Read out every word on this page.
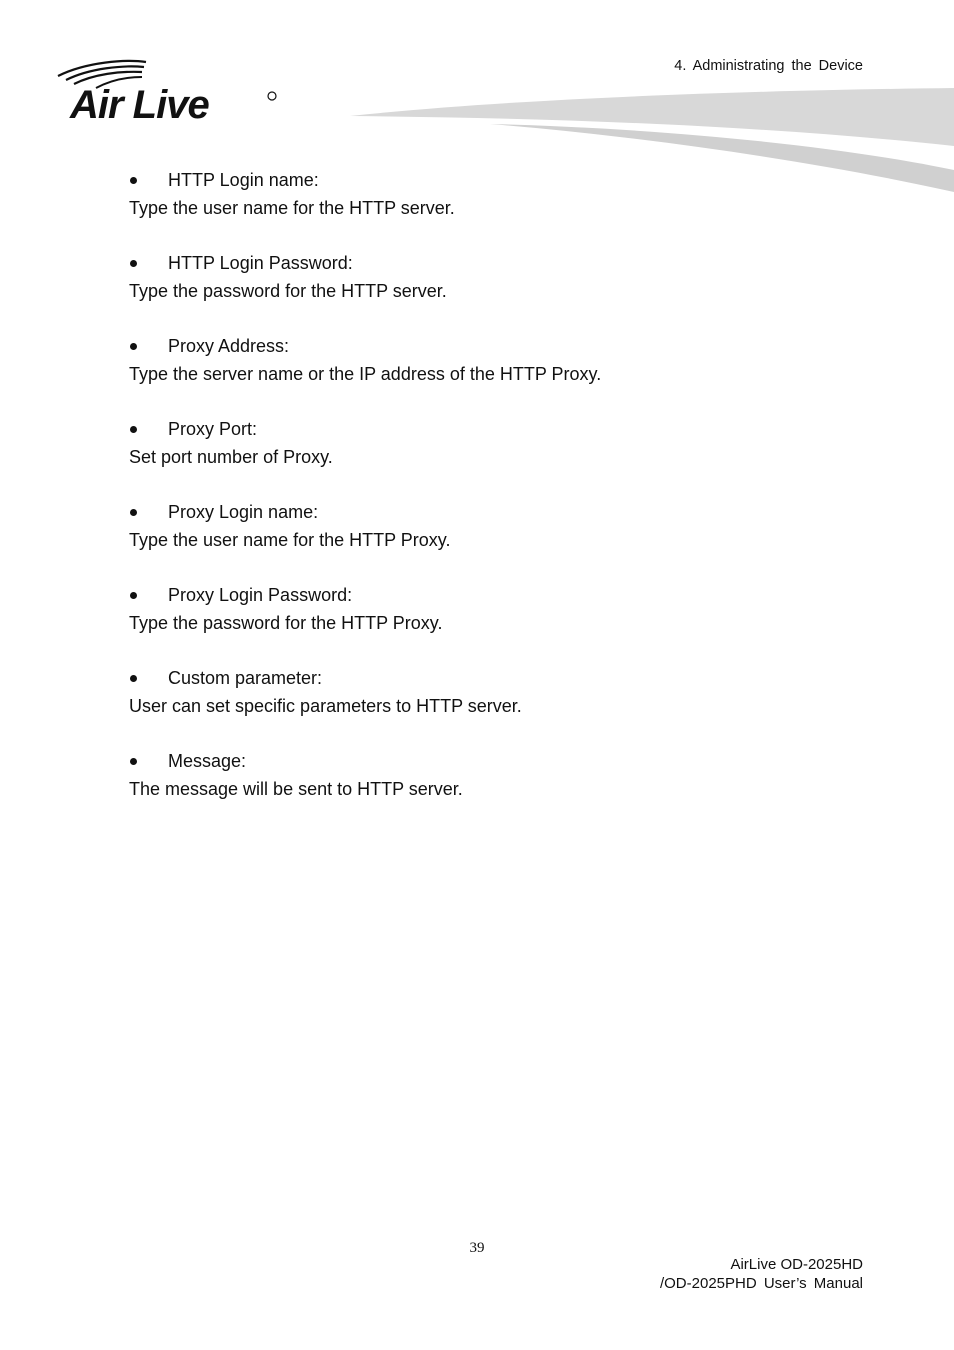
4. Administrating the Device
Air Live
HTTP Login name:
Type the user name for the HTTP server.
HTTP Login Password:
Type the password for the HTTP server.
Proxy Address:
Type the server name or the IP address of the HTTP Proxy.
Proxy Port:
Set port number of Proxy.
Proxy Login name:
Type the user name for the HTTP Proxy.
Proxy Login Password:
Type the password for the HTTP Proxy.
Custom parameter:
User can set specific parameters to HTTP server.
Message:
The message will be sent to HTTP server.
39
AirLive OD-2025HD
/OD-2025PHD User’s Manual
